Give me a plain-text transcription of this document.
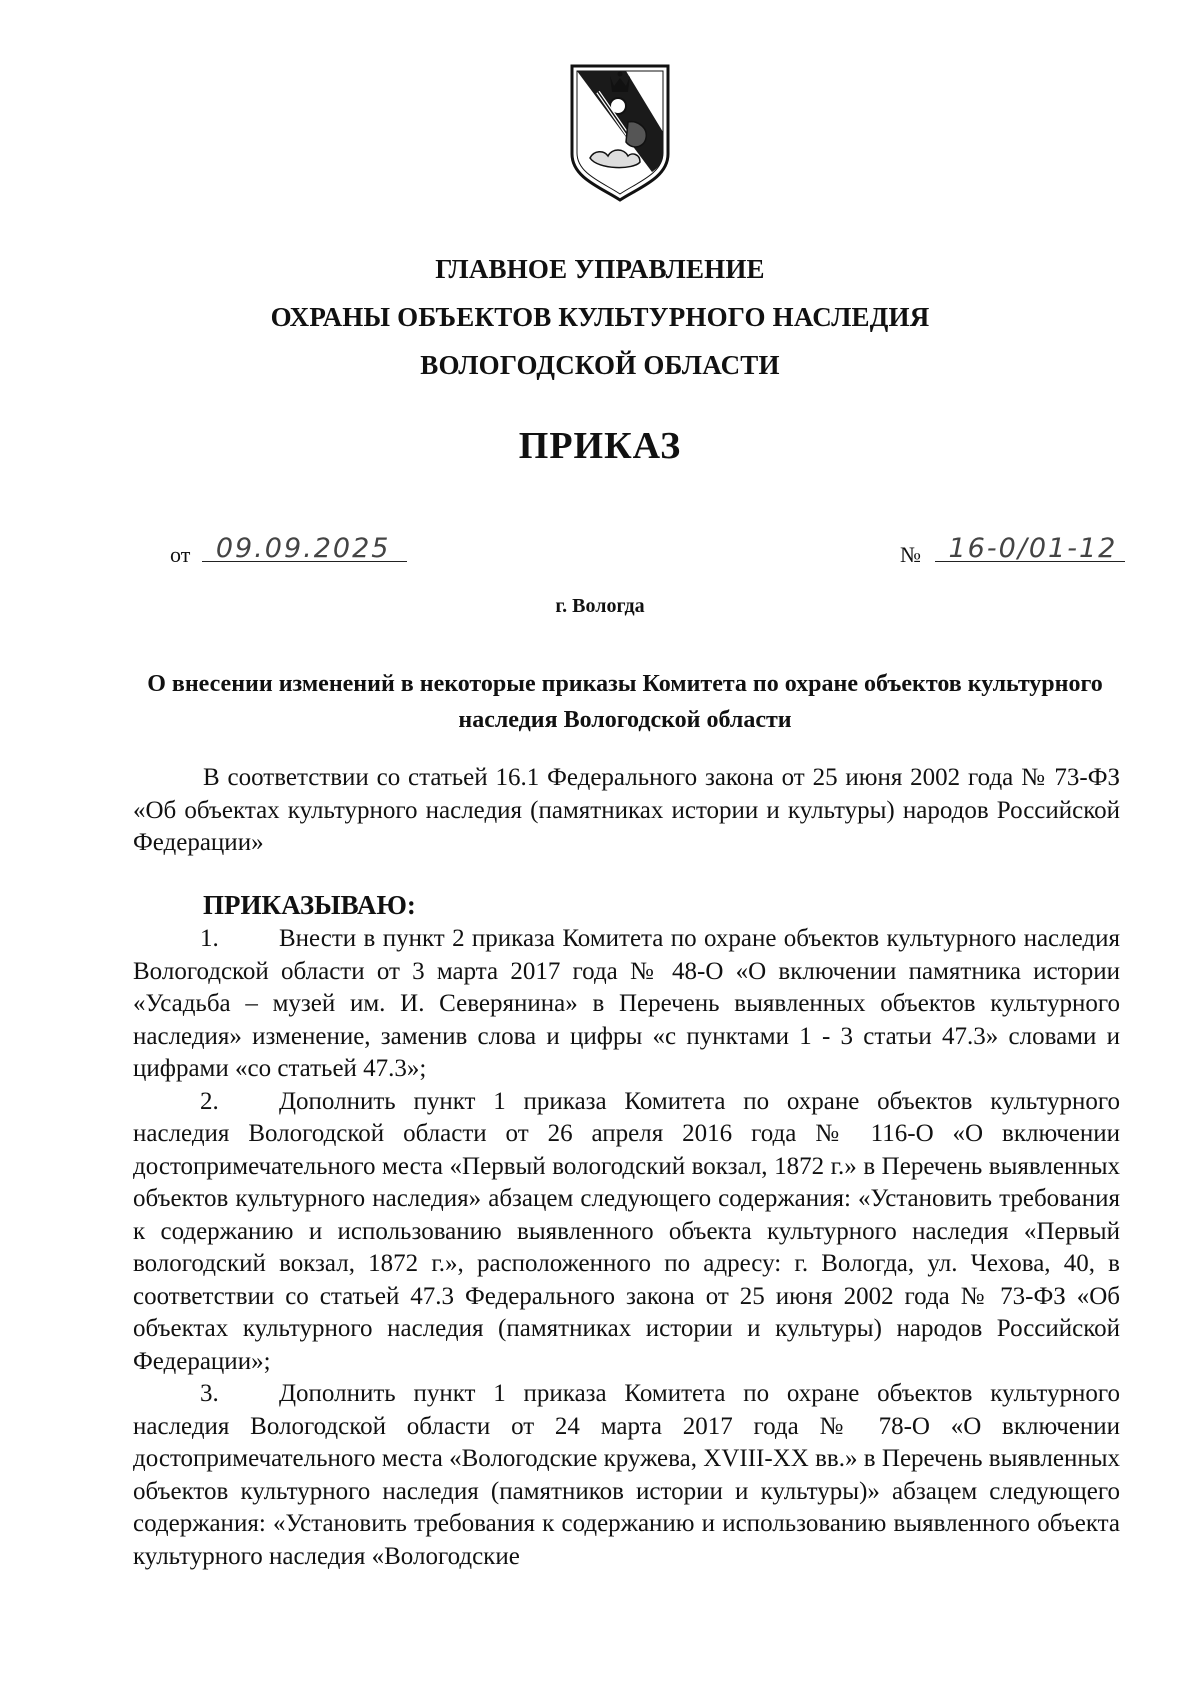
ГЛАВНОЕ УПРАВЛЕНИЕ
ОХРАНЫ ОБЪЕКТОВ КУЛЬТУРНОГО НАСЛЕДИЯ
ВОЛОГОДСКОЙ ОБЛАСТИ
ПРИКАЗ
от 09.09.2025	№ 16-0/01-12
г. Вологда
О внесении изменений в некоторые приказы Комитета по охране объектов культурного наследия Вологодской области
В соответствии со статьей 16.1 Федерального закона от 25 июня 2002 года № 73-ФЗ «Об объектах культурного наследия (памятниках истории и культуры) народов Российской Федерации»
ПРИКАЗЫВАЮ:

1. Внести в пункт 2 приказа Комитета по охране объектов культурного наследия Вологодской области от 3 марта 2017 года № 48-О «О включении памятника истории «Усадьба – музей им. И. Северянина» в Перечень выявленных объектов культурного наследия» изменение, заменив слова и цифры «с пунктами 1 - 3 статьи 47.3» словами и цифрами «со статьей 47.3»;

2. Дополнить пункт 1 приказа Комитета по охране объектов культурного наследия Вологодской области от 26 апреля 2016 года № 116-О «О включении достопримечательного места «Первый вологодский вокзал, 1872 г.» в Перечень выявленных объектов культурного наследия» абзацем следующего содержания: «Установить требования к содержанию и использованию выявленного объекта культурного наследия «Первый вологодский вокзал, 1872 г.», расположенного по адресу: г. Вологда, ул. Чехова, 40, в соответствии со статьей 47.3 Федерального закона от 25 июня 2002 года № 73-ФЗ «Об объектах культурного наследия (памятниках истории и культуры) народов Российской Федерации»;

3. Дополнить пункт 1 приказа Комитета по охране объектов культурного наследия Вологодской области от 24 марта 2017 года № 78-О «О включении достопримечательного места «Вологодские кружева, XVIII-XX вв.» в Перечень выявленных объектов культурного наследия (памятников истории и культуры)» абзацем следующего содержания: «Установить требования к содержанию и использованию выявленного объекта культурного наследия «Вологодские
